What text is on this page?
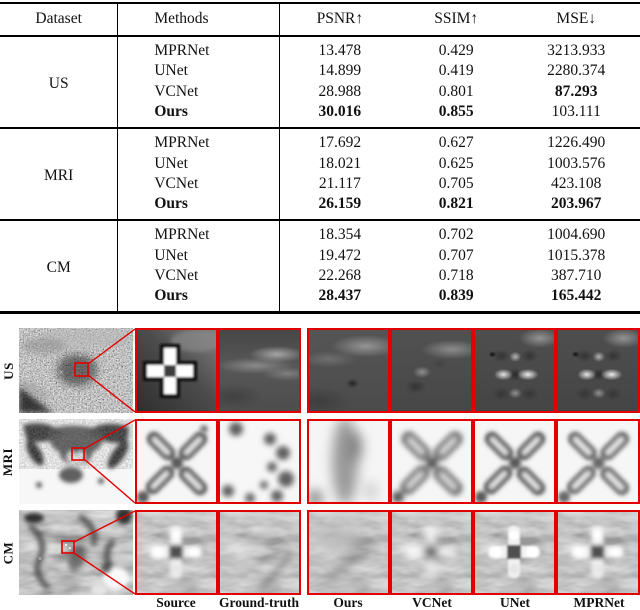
Dataset	Methods	PSNR↑	SSIM↑	MSE↓
US	MPRNet	13.478	0.429	3213.933
	UNet	14.899	0.419	2280.374
	VCNet	28.988	0.801	87.293
	Ours	30.016	0.855	103.111
MRI	MPRNet	17.692	0.627	1226.490
	UNet	18.021	0.625	1003.576
	VCNet	21.117	0.705	423.108
	Ours	26.159	0.821	203.967
CM	MPRNet	18.354	0.702	1004.690
	UNet	19.472	0.707	1015.378
	VCNet	22.268	0.718	387.710
	Ours	28.437	0.839	165.442
US
×
×
×
MRI
CM	×
×
Source Ground-truth	Ours	VCNet	UNet	MPRNet
